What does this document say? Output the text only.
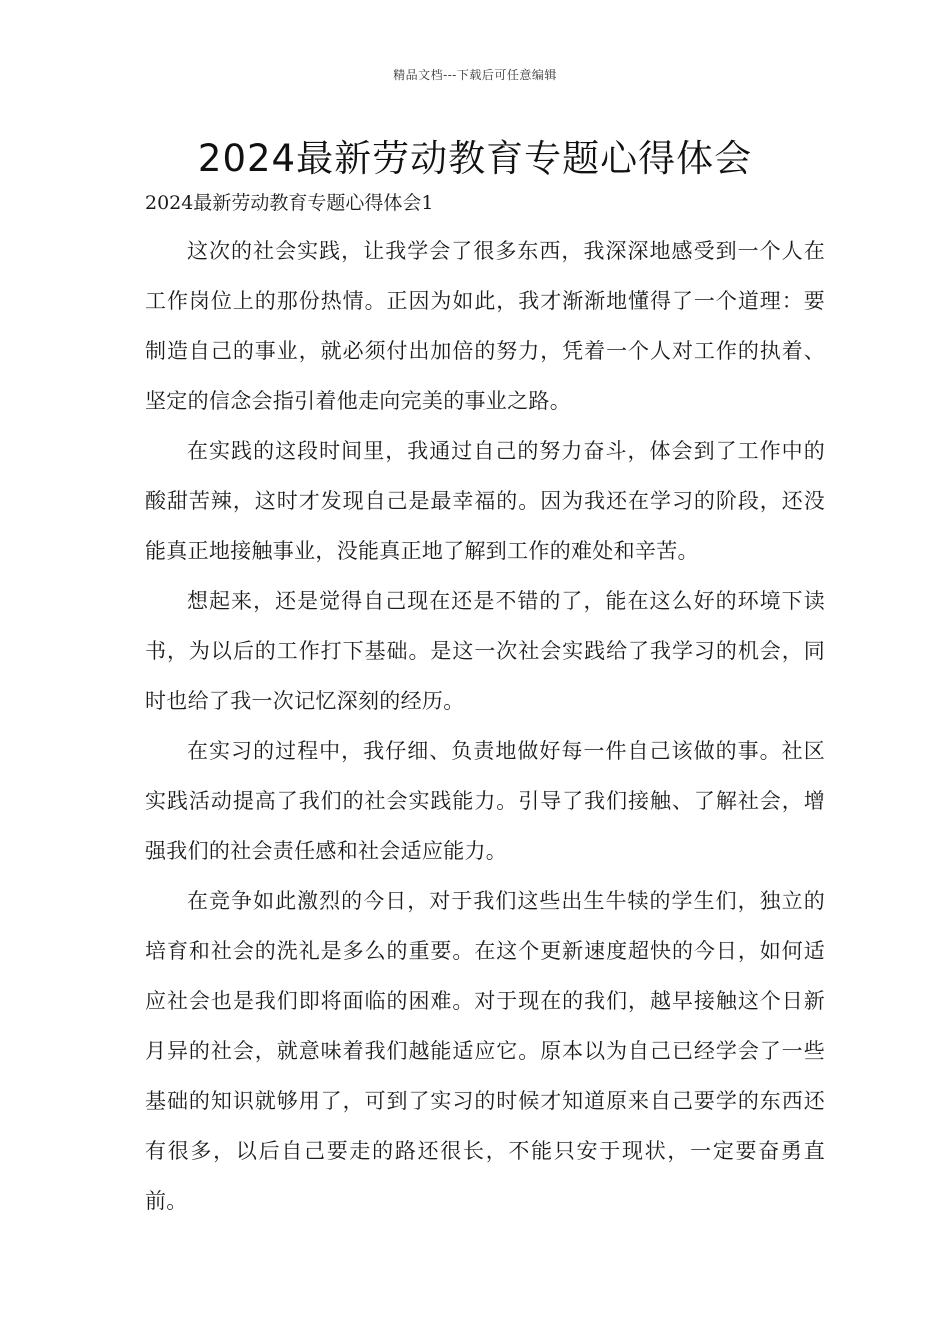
精品文档---下载后可任意编辑
2024最新劳动教育专题心得体会

2024最新劳动教育专题心得体会1

这次的社会实践，让我学会了很多东西，我深深地感受到一个人在工作岗位上的那份热情。正因为如此，我才渐渐地懂得了一个道理：要制造自己的事业，就必须付出加倍的努力，凭着一个人对工作的执着、坚定的信念会指引着他走向完美的事业之路。

在实践的这段时间里，我通过自己的努力奋斗，体会到了工作中的酸甜苦辣，这时才发现自己是最幸福的。因为我还在学习的阶段，还没能真正地接触事业，没能真正地了解到工作的难处和辛苦。

想起来，还是觉得自己现在还是不错的了，能在这么好的环境下读书，为以后的工作打下基础。是这一次社会实践给了我学习的机会，同时也给了我一次记忆深刻的经历。

在实习的过程中，我仔细、负责地做好每一件自己该做的事。社区实践活动提高了我们的社会实践能力。引导了我们接触、了解社会，增强我们的社会责任感和社会适应能力。

在竞争如此激烈的今日，对于我们这些出生牛犊的学生们，独立的培育和社会的洗礼是多么的重要。在这个更新速度超快的今日，如何适应社会也是我们即将面临的困难。对于现在的我们，越早接触这个日新月异的社会，就意味着我们越能适应它。原本以为自己已经学会了一些基础的知识就够用了，可到了实习的时候才知道原来自己要学的东西还有很多，以后自己要走的路还很长，不能只安于现状，一定要奋勇直前。
